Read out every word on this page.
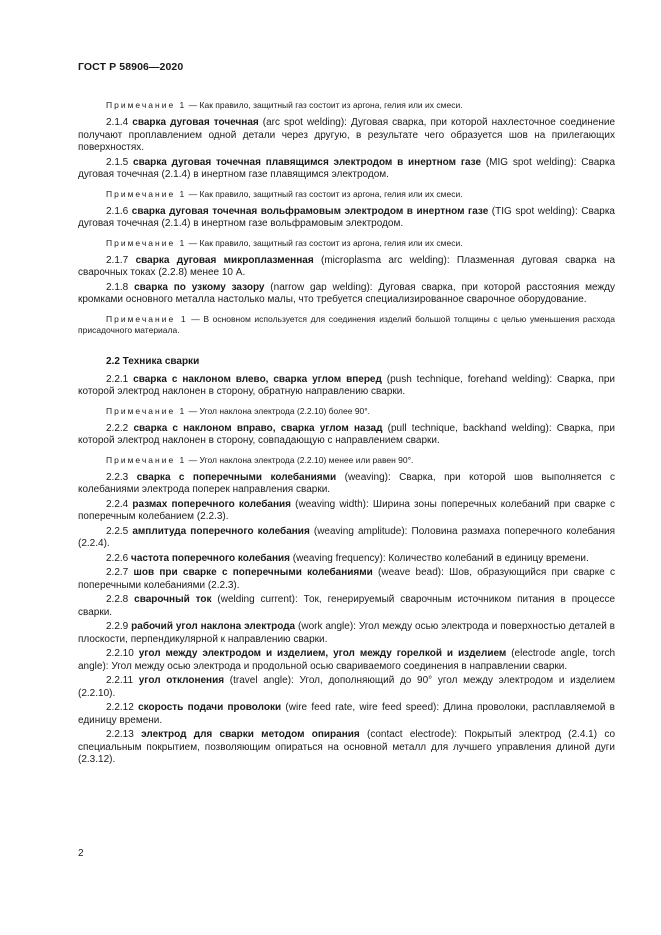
ГОСТ Р 58906—2020
Примечание 1 — Как правило, защитный газ состоит из аргона, гелия или их смеси.
2.1.4 сварка дуговая точечная (arc spot welding): Дуговая сварка, при которой нахлесточное соединение получают проплавлением одной детали через другую, в результате чего образуется шов на прилегающих поверхностях.
2.1.5 сварка дуговая точечная плавящимся электродом в инертном газе (MIG spot welding): Сварка дуговая точечная (2.1.4) в инертном газе плавящимся электродом.
Примечание 1 — Как правило, защитный газ состоит из аргона, гелия или их смеси.
2.1.6 сварка дуговая точечная вольфрамовым электродом в инертном газе (TIG spot welding): Сварка дуговая точечная (2.1.4) в инертном газе вольфрамовым электродом.
Примечание 1 — Как правило, защитный газ состоит из аргона, гелия или их смеси.
2.1.7 сварка дуговая микроплазменная (microplasma arc welding): Плазменная дуговая сварка на сварочных токах (2.2.8) менее 10 А.
2.1.8 сварка по узкому зазору (narrow gap welding): Дуговая сварка, при которой расстояния между кромками основного металла настолько малы, что требуется специализированное сварочное оборудование.
Примечание 1 — В основном используется для соединения изделий большой толщины с целью уменьшения расхода присадочного материала.
2.2 Техника сварки
2.2.1 сварка с наклоном влево, сварка углом вперед (push technique, forehand welding): Сварка, при которой электрод наклонен в сторону, обратную направлению сварки.
Примечание 1 — Угол наклона электрода (2.2.10) более 90°.
2.2.2 сварка с наклоном вправо, сварка углом назад (pull technique, backhand welding): Сварка, при которой электрод наклонен в сторону, совпадающую с направлением сварки.
Примечание 1 — Угол наклона электрода (2.2.10) менее или равен 90°.
2.2.3 сварка с поперечными колебаниями (weaving): Сварка, при которой шов выполняется с колебаниями электрода поперек направления сварки.
2.2.4 размах поперечного колебания (weaving width): Ширина зоны поперечных колебаний при сварке с поперечным колебанием (2.2.3).
2.2.5 амплитуда поперечного колебания (weaving amplitude): Половина размаха поперечного колебания (2.2.4).
2.2.6 частота поперечного колебания (weaving frequency): Количество колебаний в единицу времени.
2.2.7 шов при сварке с поперечными колебаниями (weave bead): Шов, образующийся при сварке с поперечными колебаниями (2.2.3).
2.2.8 сварочный ток (welding current): Ток, генерируемый сварочным источником питания в процессе сварки.
2.2.9 рабочий угол наклона электрода (work angle): Угол между осью электрода и поверхностью деталей в плоскости, перпендикулярной к направлению сварки.
2.2.10 угол между электродом и изделием, угол между горелкой и изделием (electrode angle, torch angle): Угол между осью электрода и продольной осью свариваемого соединения в направлении сварки.
2.2.11 угол отклонения (travel angle): Угол, дополняющий до 90° угол между электродом и изделием (2.2.10).
2.2.12 скорость подачи проволоки (wire feed rate, wire feed speed): Длина проволоки, расплавляемой в единицу времени.
2.2.13 электрод для сварки методом опирания (contact electrode): Покрытый электрод (2.4.1) со специальным покрытием, позволяющим опираться на основной металл для лучшего управления длиной дуги (2.3.12).
2
